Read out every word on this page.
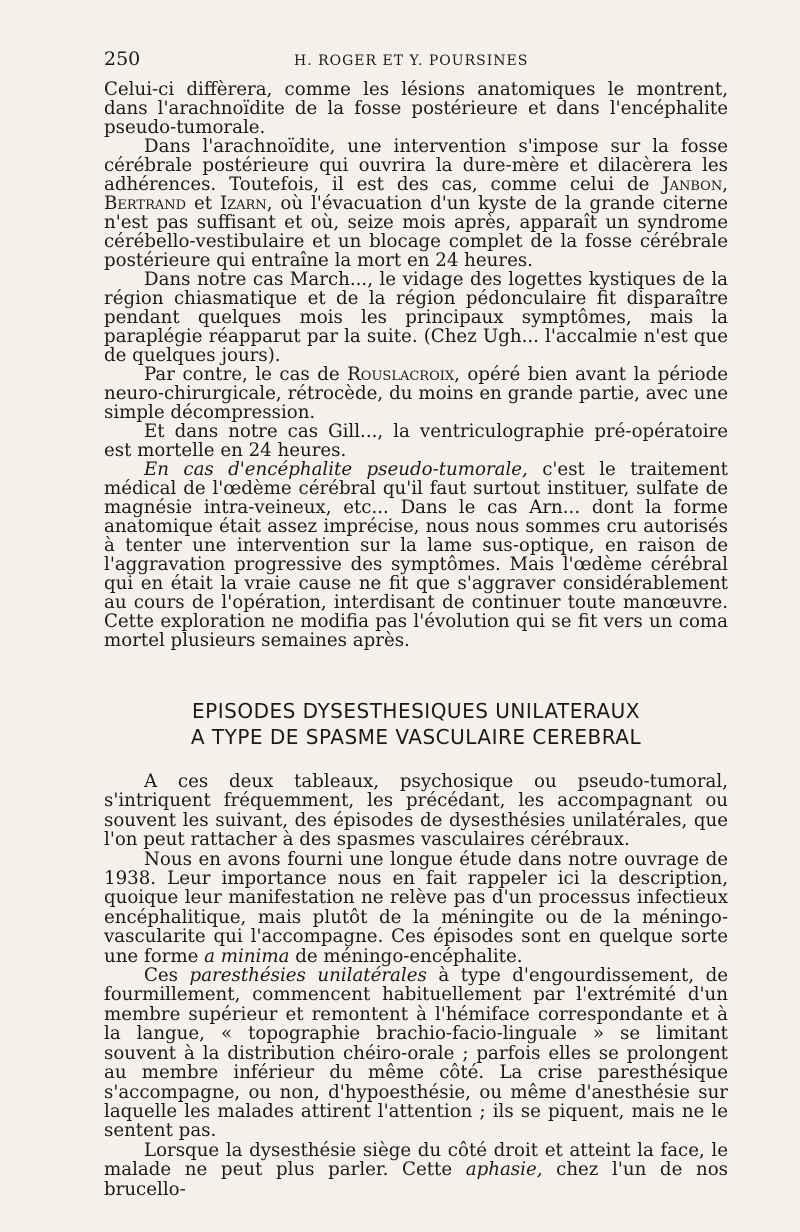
250	H. ROGER ET Y. POURSINES

Celui-ci diffèrera, comme les lésions anatomiques le montrent, dans l'arachnoïdite de la fosse postérieure et dans l'encéphalite pseudo-tumorale.

Dans l'arachnoïdite, une intervention s'impose sur la fosse cérébrale postérieure qui ouvrira la dure-mère et dilacèrera les adhérences. Toutefois, il est des cas, comme celui de Janbon, Bertrand et Izarn, où l'évacuation d'un kyste de la grande citerne n'est pas suffisant et où, seize mois après, apparaît un syndrome cérébello-vestibulaire et un blocage complet de la fosse cérébrale postérieure qui entraîne la mort en 24 heures.

Dans notre cas March..., le vidage des logettes kystiques de la région chiasmatique et de la région pédonculaire fit disparaître pendant quelques mois les principaux symptômes, mais la paraplégie réapparut par la suite. (Chez Ugh... l'accalmie n'est que de quelques jours).

Par contre, le cas de Rouslacroix, opéré bien avant la période neuro-chirurgicale, rétrocède, du moins en grande partie, avec une simple décompression.

Et dans notre cas Gill..., la ventriculographie pré-opératoire est mortelle en 24 heures.

En cas d'encéphalite pseudo-tumorale, c'est le traitement médical de l'œdème cérébral qu'il faut surtout instituer, sulfate de magnésie intra-veineux, etc... Dans le cas Arn... dont la forme anatomique était assez imprécise, nous nous sommes cru autorisés à tenter une intervention sur la lame sus-optique, en raison de l'aggravation progressive des symptômes. Mais l'œdème cérébral qui en était la vraie cause ne fit que s'aggraver considérablement au cours de l'opération, interdisant de continuer toute manœuvre. Cette exploration ne modifia pas l'évolution qui se fit vers un coma mortel plusieurs semaines après.

EPISODES DYSESTHESIQUES UNILATERAUX
A TYPE DE SPASME VASCULAIRE CEREBRAL

A ces deux tableaux, psychosique ou pseudo-tumoral, s'intriquent fréquemment, les précédant, les accompagnant ou souvent les suivant, des épisodes de dysesthésies unilatérales, que l'on peut rattacher à des spasmes vasculaires cérébraux.

Nous en avons fourni une longue étude dans notre ouvrage de 1938. Leur importance nous en fait rappeler ici la description, quoique leur manifestation ne relève pas d'un processus infectieux encéphalitique, mais plutôt de la méningite ou de la méningo-vascularite qui l'accompagne. Ces épisodes sont en quelque sorte une forme a minima de méningo-encéphalite.

Ces paresthésies unilatérales à type d'engourdissement, de fourmillement, commencent habituellement par l'extrémité d'un membre supérieur et remontent à l'hémiface correspondante et à la langue, « topographie brachio-facio-linguale » se limitant souvent à la distribution chéiro-orale ; parfois elles se prolongent au membre inférieur du même côté. La crise paresthésique s'accompagne, ou non, d'hypoesthésie, ou même d'anesthésie sur laquelle les malades attirent l'attention ; ils se piquent, mais ne le sentent pas.

Lorsque la dysesthésie siège du côté droit et atteint la face, le malade ne peut plus parler. Cette aphasie, chez l'un de nos brucello-
